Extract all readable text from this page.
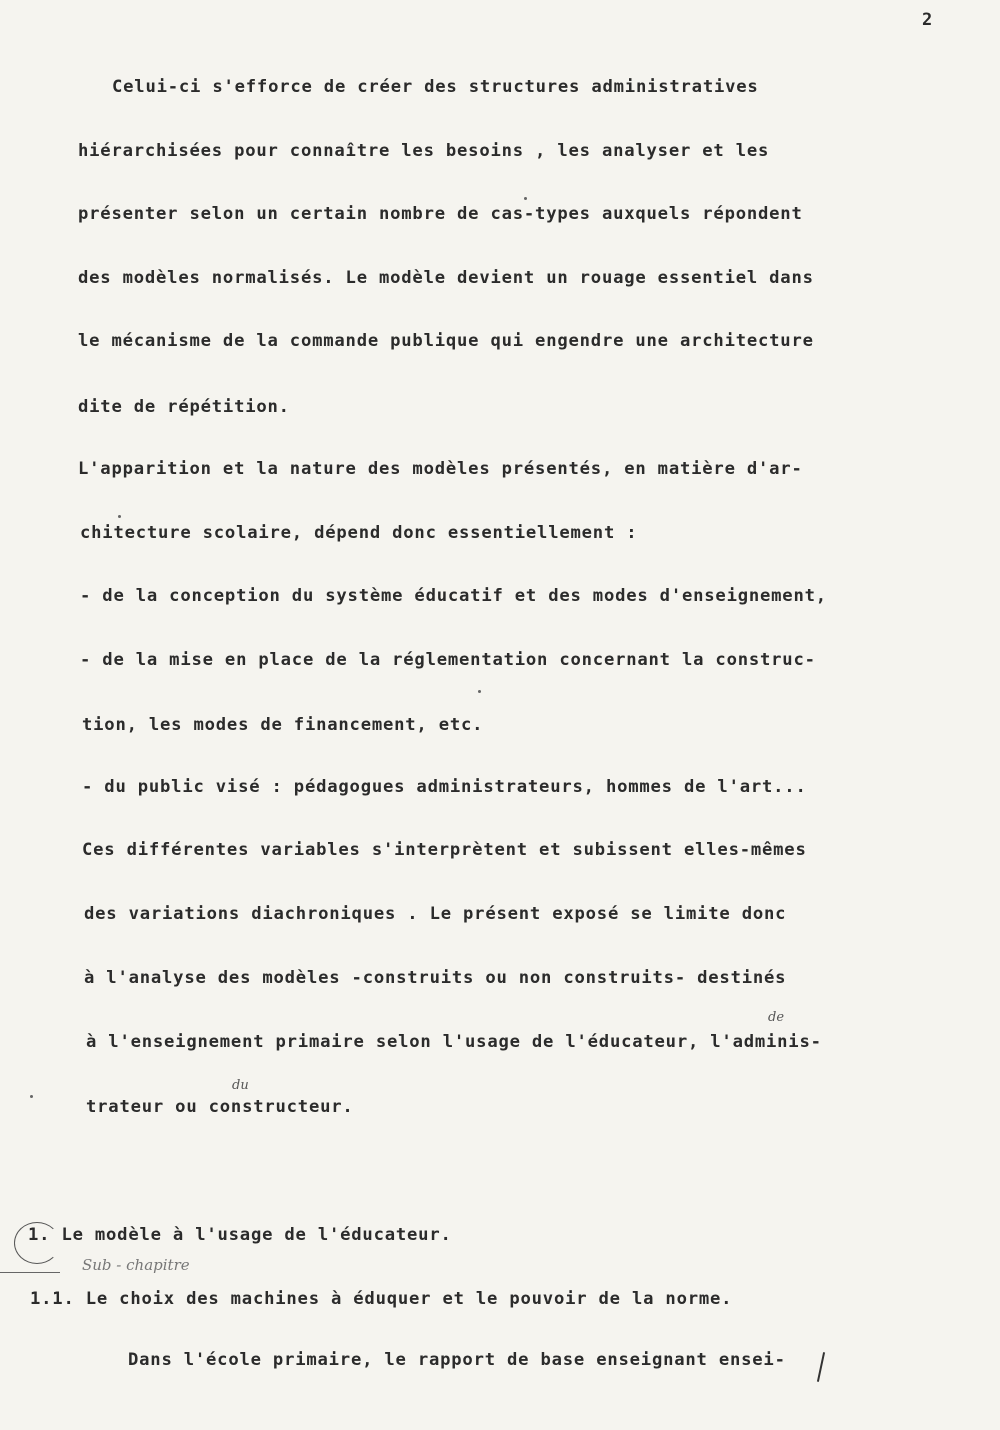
2
Celui-ci s'efforce de créer des structures administratives
hiérarchisées pour connaître les besoins , les analyser et les
présenter selon un certain nombre de cas-types auxquels répondent
des modèles normalisés. Le modèle devient un rouage essentiel dans
le mécanisme de la commande publique qui engendre une architecture
dite de répétition.
L'apparition et la nature des modèles présentés, en matière d'ar-
chitecture scolaire, dépend donc essentiellement :
- de la conception du système éducatif et des modes d'enseignement,
- de la mise en place de la réglementation concernant la construc-
tion, les modes de financement, etc.
- du public visé : pédagogues administrateurs, hommes de l'art...
Ces différentes variables s'interprètent et subissent elles-mêmes
des variations diachroniques . Le présent exposé se limite donc
à l'analyse des modèles -construits ou non construits- destinés
à l'enseignement primaire selon l'usage de l'éducateur, l'adminis-
trateur ou constructeur.
1. Le modèle à l'usage de l'éducateur.
1.1. Le choix des machines à éduquer et le pouvoir de la norme.
Dans l'école primaire, le rapport de base enseignant ensei-
de
du
Sub - chapitre
